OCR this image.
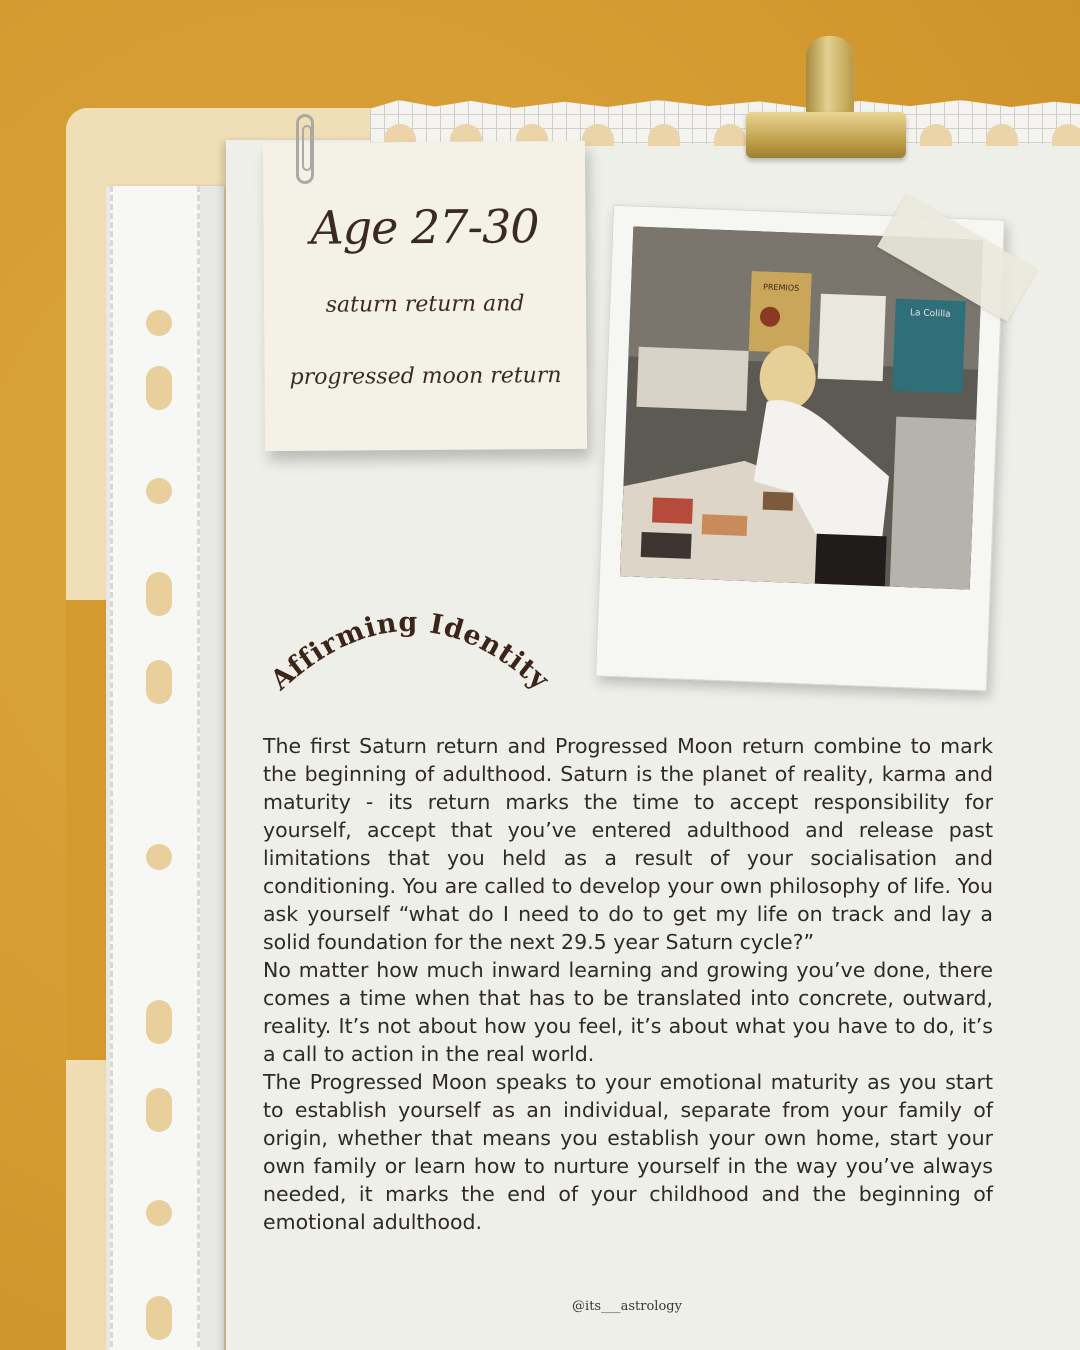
Age 27-30
saturn return and
progressed moon return
PREMIOS
La Colilla
Affirming Identity

The first Saturn return and Progressed Moon return combine to mark the beginning of adulthood. Saturn is the planet of reality, karma and maturity - its return marks the time to accept responsibility for yourself, accept that you’ve entered adulthood and release past limitations that you held as a result of your socialisation and conditioning. You are called to develop your own philosophy of life. You ask yourself “what do I need to do to get my life on track and lay a solid foundation for the next 29.5 year Saturn cycle?”

No matter how much inward learning and growing you’ve done, there comes a time when that has to be translated into concrete, outward, reality. It’s not about how you feel, it’s about what you have to do, it’s a call to action in the real world.

The Progressed Moon speaks to your emotional maturity as you start to establish yourself as an individual, separate from your family of origin, whether that means you establish your own home, start your own family or learn how to nurture yourself in the way you’ve always needed, it marks the end of your childhood and the beginning of emotional adulthood.

@its___astrology
